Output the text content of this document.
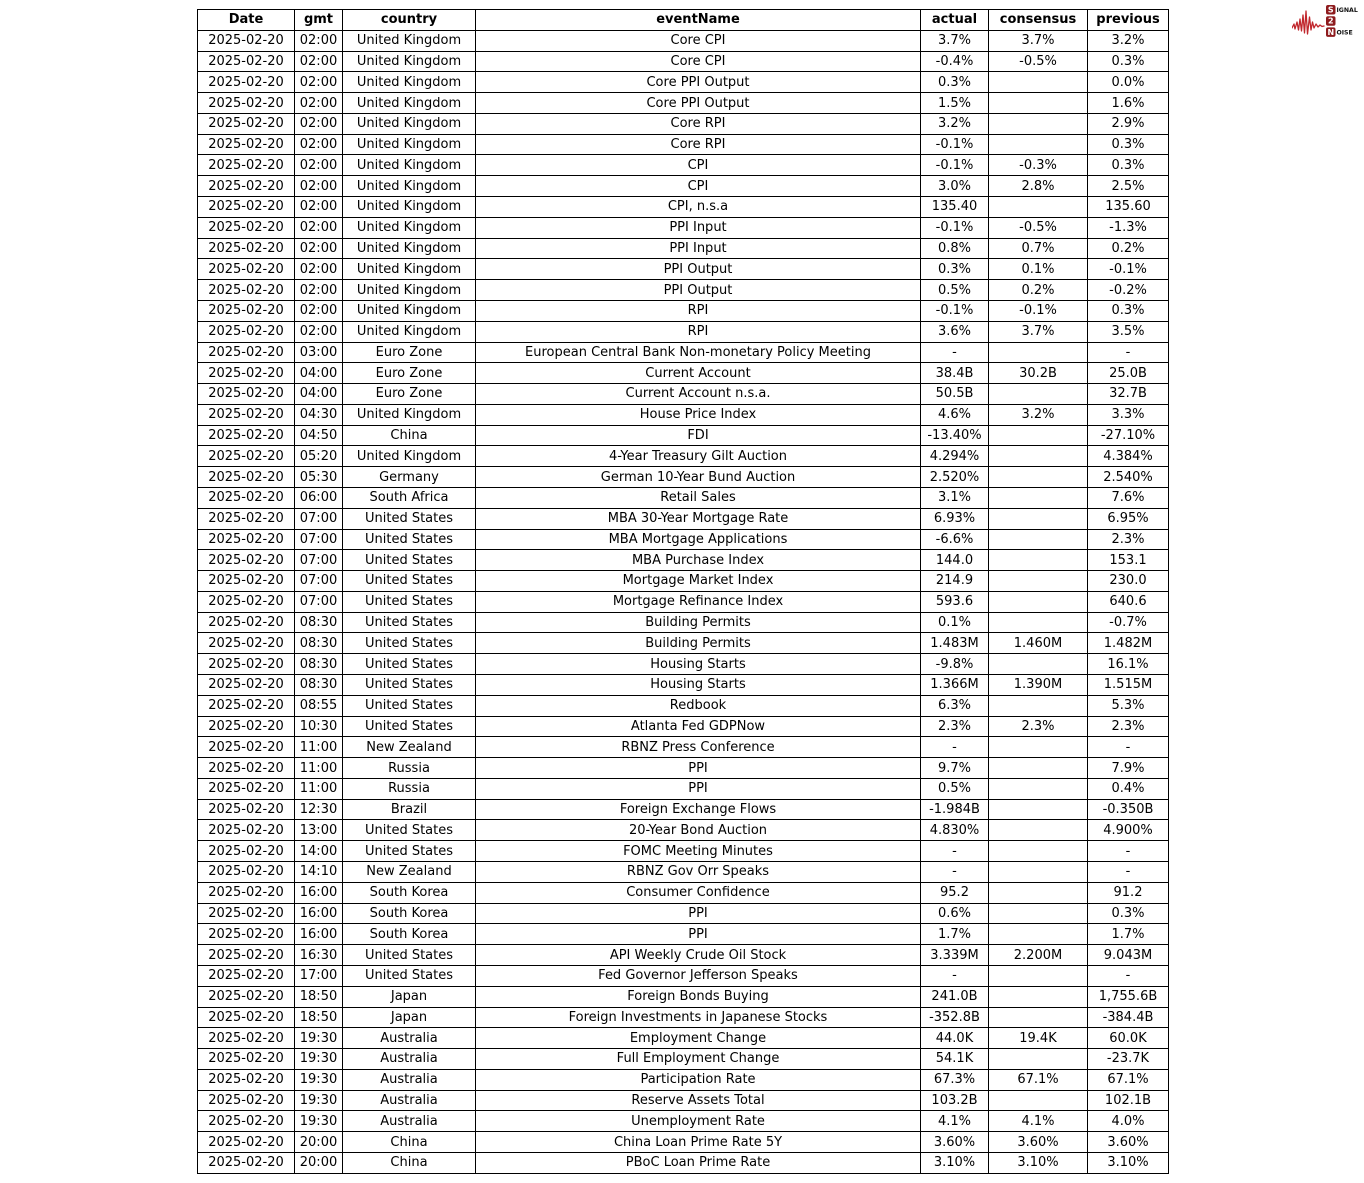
Date	gmt	country	eventName	actual	consensus	previous
2025-02-20	02:00	United Kingdom	Core CPI	3.7%	3.7%	3.2%
2025-02-20	02:00	United Kingdom	Core CPI	-0.4%	-0.5%	0.3%
2025-02-20	02:00	United Kingdom	Core PPI Output	0.3%		0.0%
2025-02-20	02:00	United Kingdom	Core PPI Output	1.5%		1.6%
2025-02-20	02:00	United Kingdom	Core RPI	3.2%		2.9%
2025-02-20	02:00	United Kingdom	Core RPI	-0.1%		0.3%
2025-02-20	02:00	United Kingdom	CPI	-0.1%	-0.3%	0.3%
2025-02-20	02:00	United Kingdom	CPI	3.0%	2.8%	2.5%
2025-02-20	02:00	United Kingdom	CPI, n.s.a	135.40		135.60
2025-02-20	02:00	United Kingdom	PPI Input	-0.1%	-0.5%	-1.3%
2025-02-20	02:00	United Kingdom	PPI Input	0.8%	0.7%	0.2%
2025-02-20	02:00	United Kingdom	PPI Output	0.3%	0.1%	-0.1%
2025-02-20	02:00	United Kingdom	PPI Output	0.5%	0.2%	-0.2%
2025-02-20	02:00	United Kingdom	RPI	-0.1%	-0.1%	0.3%
2025-02-20	02:00	United Kingdom	RPI	3.6%	3.7%	3.5%
2025-02-20	03:00	Euro Zone	European Central Bank Non-monetary Policy Meeting	-		-
2025-02-20	04:00	Euro Zone	Current Account	38.4B	30.2B	25.0B
2025-02-20	04:00	Euro Zone	Current Account n.s.a.	50.5B		32.7B
2025-02-20	04:30	United Kingdom	House Price Index	4.6%	3.2%	3.3%
2025-02-20	04:50	China	FDI	-13.40%		-27.10%
2025-02-20	05:20	United Kingdom	4-Year Treasury Gilt Auction	4.294%		4.384%
2025-02-20	05:30	Germany	German 10-Year Bund Auction	2.520%		2.540%
2025-02-20	06:00	South Africa	Retail Sales	3.1%		7.6%
2025-02-20	07:00	United States	MBA 30-Year Mortgage Rate	6.93%		6.95%
2025-02-20	07:00	United States	MBA Mortgage Applications	-6.6%		2.3%
2025-02-20	07:00	United States	MBA Purchase Index	144.0		153.1
2025-02-20	07:00	United States	Mortgage Market Index	214.9		230.0
2025-02-20	07:00	United States	Mortgage Refinance Index	593.6		640.6
2025-02-20	08:30	United States	Building Permits	0.1%		-0.7%
2025-02-20	08:30	United States	Building Permits	1.483M	1.460M	1.482M
2025-02-20	08:30	United States	Housing Starts	-9.8%		16.1%
2025-02-20	08:30	United States	Housing Starts	1.366M	1.390M	1.515M
2025-02-20	08:55	United States	Redbook	6.3%		5.3%
2025-02-20	10:30	United States	Atlanta Fed GDPNow	2.3%	2.3%	2.3%
2025-02-20	11:00	New Zealand	RBNZ Press Conference	-		-
2025-02-20	11:00	Russia	PPI	9.7%		7.9%
2025-02-20	11:00	Russia	PPI	0.5%		0.4%
2025-02-20	12:30	Brazil	Foreign Exchange Flows	-1.984B		-0.350B
2025-02-20	13:00	United States	20-Year Bond Auction	4.830%		4.900%
2025-02-20	14:00	United States	FOMC Meeting Minutes	-		-
2025-02-20	14:10	New Zealand	RBNZ Gov Orr Speaks	-		-
2025-02-20	16:00	South Korea	Consumer Confidence	95.2		91.2
2025-02-20	16:00	South Korea	PPI	0.6%		0.3%
2025-02-20	16:00	South Korea	PPI	1.7%		1.7%
2025-02-20	16:30	United States	API Weekly Crude Oil Stock	3.339M	2.200M	9.043M
2025-02-20	17:00	United States	Fed Governor Jefferson Speaks	-		-
2025-02-20	18:50	Japan	Foreign Bonds Buying	241.0B		1,755.6B
2025-02-20	18:50	Japan	Foreign Investments in Japanese Stocks	-352.8B		-384.4B
2025-02-20	19:30	Australia	Employment Change	44.0K	19.4K	60.0K
2025-02-20	19:30	Australia	Full Employment Change	54.1K		-23.7K
2025-02-20	19:30	Australia	Participation Rate	67.3%	67.1%	67.1%
2025-02-20	19:30	Australia	Reserve Assets Total	103.2B		102.1B
2025-02-20	19:30	Australia	Unemployment Rate	4.1%	4.1%	4.0%
2025-02-20	20:00	China	China Loan Prime Rate 5Y	3.60%	3.60%	3.60%
2025-02-20	20:00	China	PBoC Loan Prime Rate	3.10%	3.10%	3.10%
S IGNAL
2
N OISE
